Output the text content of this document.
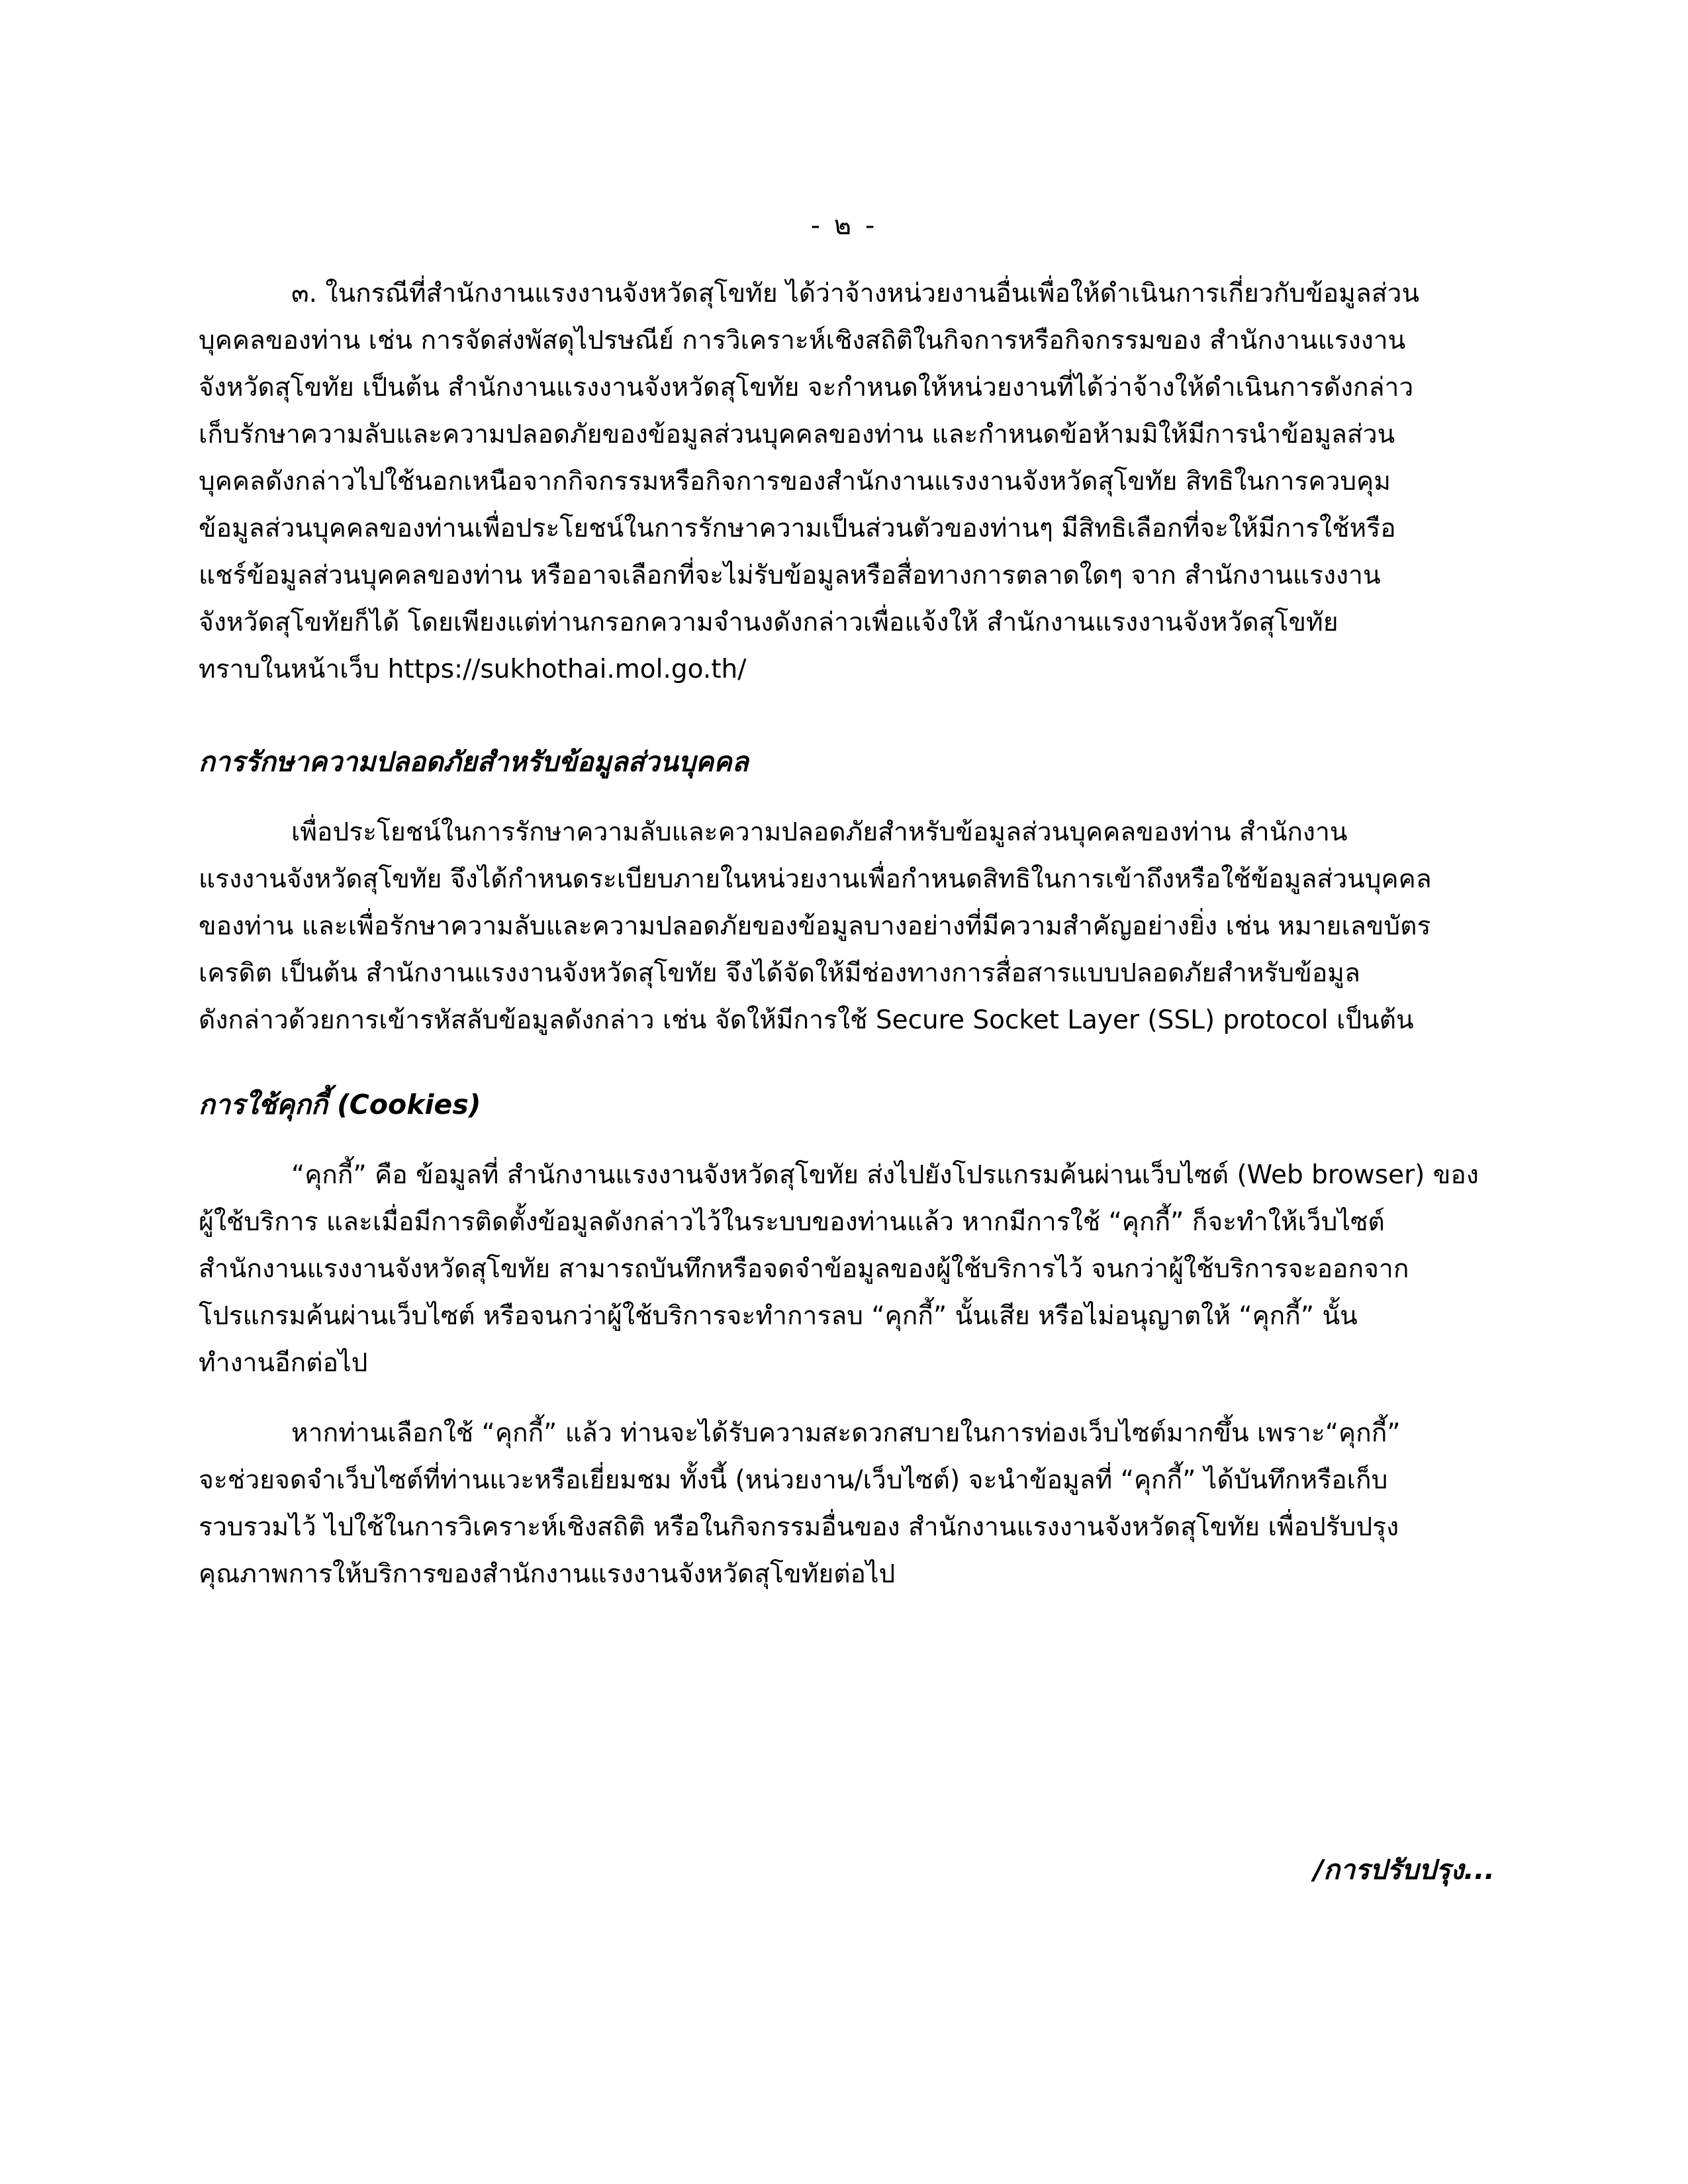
- ๒ -
๓. ในกรณีที่สำนักงานแรงงานจังหวัดสุโขทัย ได้ว่าจ้างหน่วยงานอื่นเพื่อให้ดำเนินการเกี่ยวกับข้อมูลส่วน
บุคคลของท่าน เช่น การจัดส่งพัสดุไปรษณีย์ การวิเคราะห์เชิงสถิติในกิจการหรือกิจกรรมของ สำนักงานแรงงาน
จังหวัดสุโขทัย เป็นต้น สำนักงานแรงงานจังหวัดสุโขทัย จะกำหนดให้หน่วยงานที่ได้ว่าจ้างให้ดำเนินการดังกล่าว
เก็บรักษาความลับและความปลอดภัยของข้อมูลส่วนบุคคลของท่าน และกำหนดข้อห้ามมิให้มีการนำข้อมูลส่วน
บุคคลดังกล่าวไปใช้นอกเหนือจากกิจกรรมหรือกิจการของสำนักงานแรงงานจังหวัดสุโขทัย สิทธิในการควบคุม
ข้อมูลส่วนบุคคลของท่านเพื่อประโยชน์ในการรักษาความเป็นส่วนตัวของท่านๆ มีสิทธิเลือกที่จะให้มีการใช้หรือ
แชร์ข้อมูลส่วนบุคคลของท่าน หรืออาจเลือกที่จะไม่รับข้อมูลหรือสื่อทางการตลาดใดๆ จาก สำนักงานแรงงาน
จังหวัดสุโขทัยก็ได้ โดยเพียงแต่ท่านกรอกความจำนงดังกล่าวเพื่อแจ้งให้ สำนักงานแรงงานจังหวัดสุโขทัย
ทราบในหน้าเว็บ https://sukhothai.mol.go.th/
การรักษาความปลอดภัยสำหรับข้อมูลส่วนบุคคล
เพื่อประโยชน์ในการรักษาความลับและความปลอดภัยสำหรับข้อมูลส่วนบุคคลของท่าน สำนักงาน
แรงงานจังหวัดสุโขทัย จึงได้กำหนดระเบียบภายในหน่วยงานเพื่อกำหนดสิทธิในการเข้าถึงหรือใช้ข้อมูลส่วนบุคคล
ของท่าน และเพื่อรักษาความลับและความปลอดภัยของข้อมูลบางอย่างที่มีความสำคัญอย่างยิ่ง เช่น หมายเลขบัตร
เครดิต เป็นต้น สำนักงานแรงงานจังหวัดสุโขทัย จึงได้จัดให้มีช่องทางการสื่อสารแบบปลอดภัยสำหรับข้อมูล
ดังกล่าวด้วยการเข้ารหัสลับข้อมูลดังกล่าว เช่น จัดให้มีการใช้ Secure Socket Layer (SSL) protocol เป็นต้น
การใช้คุกกี้ (Cookies)
“คุกกี้” คือ ข้อมูลที่ สำนักงานแรงงานจังหวัดสุโขทัย ส่งไปยังโปรแกรมค้นผ่านเว็บไซต์ (Web browser) ของ
ผู้ใช้บริการ และเมื่อมีการติดตั้งข้อมูลดังกล่าวไว้ในระบบของท่านแล้ว หากมีการใช้ “คุกกี้” ก็จะทำให้เว็บไซต์
สำนักงานแรงงานจังหวัดสุโขทัย สามารถบันทึกหรือจดจำข้อมูลของผู้ใช้บริการไว้ จนกว่าผู้ใช้บริการจะออกจาก
โปรแกรมค้นผ่านเว็บไซต์ หรือจนกว่าผู้ใช้บริการจะทำการลบ “คุกกี้” นั้นเสีย หรือไม่อนุญาตให้ “คุกกี้” นั้น
ทำงานอีกต่อไป
หากท่านเลือกใช้ “คุกกี้” แล้ว ท่านจะได้รับความสะดวกสบายในการท่องเว็บไซต์มากขึ้น เพราะ“คุกกี้”
จะช่วยจดจำเว็บไซต์ที่ท่านแวะหรือเยี่ยมชม ทั้งนี้ (หน่วยงาน/เว็บไซต์) จะนำข้อมูลที่ “คุกกี้” ได้บันทึกหรือเก็บ
รวบรวมไว้ ไปใช้ในการวิเคราะห์เชิงสถิติ หรือในกิจกรรมอื่นของ สำนักงานแรงงานจังหวัดสุโขทัย เพื่อปรับปรุง
คุณภาพการให้บริการของสำนักงานแรงงานจังหวัดสุโขทัยต่อไป
/การปรับปรุง...
